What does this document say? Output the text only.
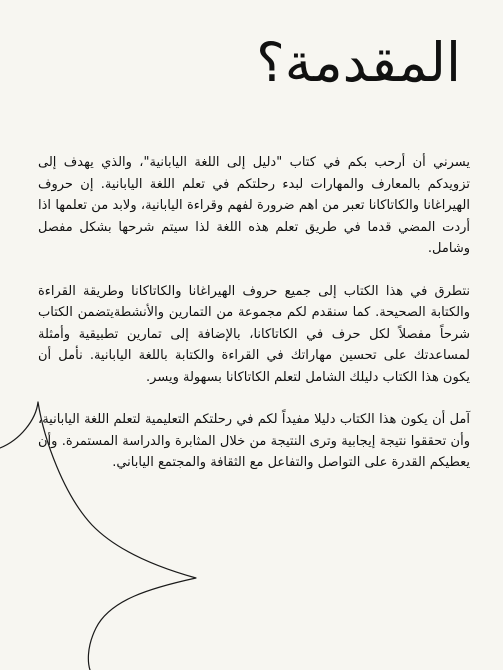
المقدمة؟

يسرني أن أرحب بكم في كتاب "دليل إلى اللغة اليابانية"، والذي يهدف إلى تزويدكم بالمعارف والمهارات لبدء رحلتكم في تعلم اللغة اليابانية. إن حروف الهيراغانا والكاتاكانا تعبر من اهم ضرورة لفهم وقراءة اليابانية، ولابد من تعلمها اذا أردت المضي قدما في طريق تعلم هذه اللغة لذا سيتم شرحها بشكل مفصل وشامل.

نتطرق في هذا الكتاب إلى جميع حروف الهيراغانا والكاتاكانا وطريقة القراءة والكتابة الصحيحة. كما سنقدم لكم مجموعة من التمارين والأنشطةيتضمن الكتاب شرحاً مفصلاً لكل حرف في الكاتاكانا، بالإضافة إلى تمارين تطبيقية وأمثلة لمساعدتك على تحسين مهاراتك في القراءة والكتابة باللغة اليابانية. نأمل أن يكون هذا الكتاب دليلك الشامل لتعلم الكاتاكانا بسهولة ويسر.

آمل أن يكون هذا الكتاب دليلا مفيداً لكم في رحلتكم التعليمية لتعلم اللغة اليابانية، وأن تحققوا نتيجة إيجابية وترى النتيجة من خلال المثابرة والدراسة المستمرة. وأن يعطيكم القدرة على التواصل والتفاعل مع الثقافة والمجتمع الياباني.
